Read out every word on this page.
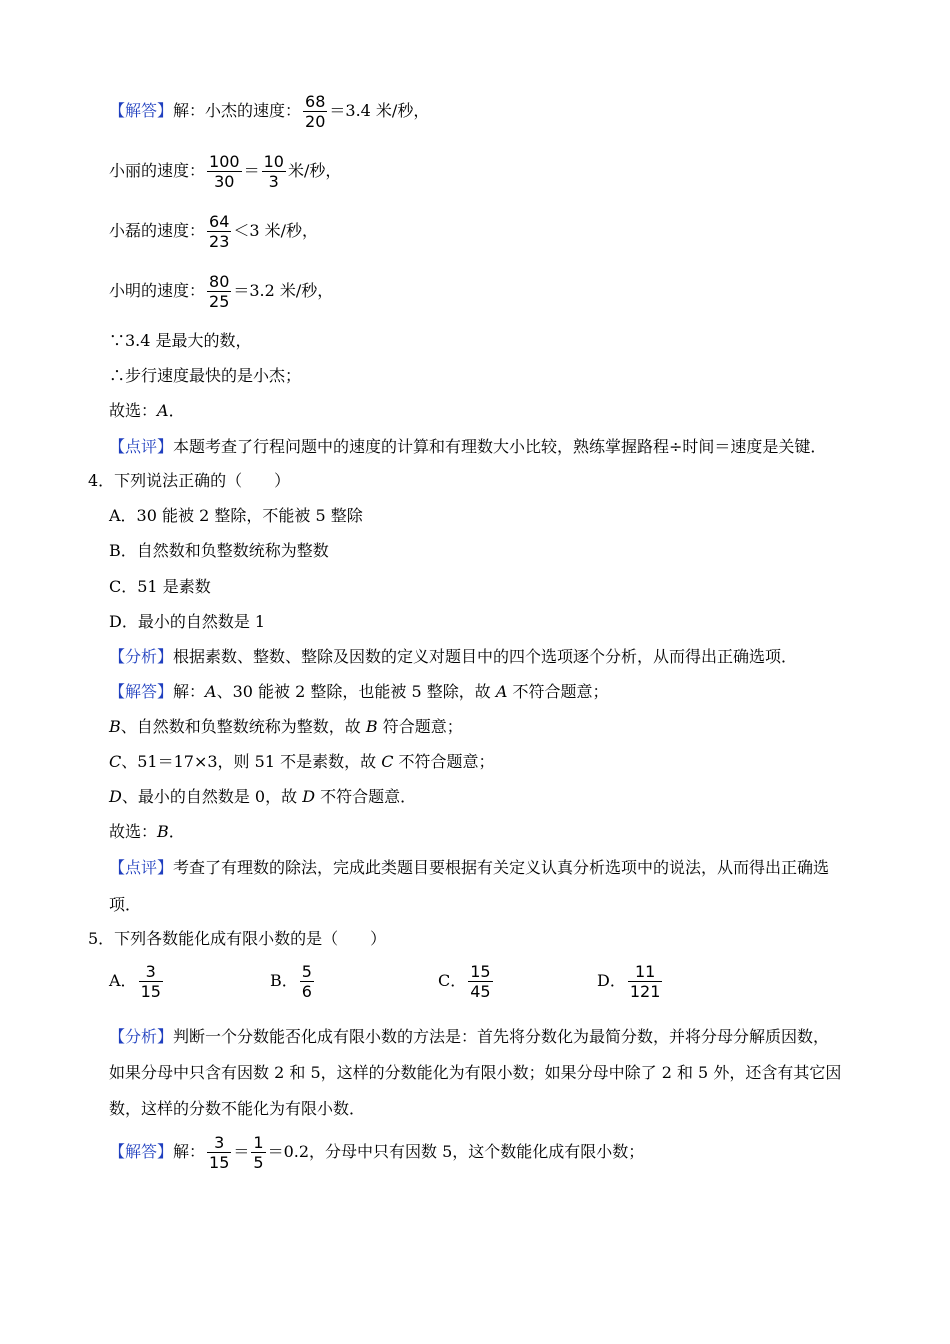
【解答】解：小杰的速度： $\frac{68}{20} =3.4$ 米/秒，
小丽的速度： $\frac{100}{30} = \frac{10}{3}$ 米/秒，
小磊的速度： $\frac{64}{23} <3$ 米/秒，
小明的速度： $\frac{80}{25} =3.2$ 米/秒，
∵3.4 是最大的数，
∴步行速度最快的是小杰；
故选：A．
【点评】本题考查了行程问题中的速度的计算和有理数大小比较，熟练掌握路程÷时间＝速度是关键．
4．下列说法正确的（　　）
A．30 能被 2 整除，不能被 5 整除
B．自然数和负整数统称为整数
C．51 是素数
D．最小的自然数是 1
【分析】根据素数、整数、整除及因数的定义对题目中的四个选项逐个分析，从而得出正确选项．
【解答】解：A、30 能被 2 整除，也能被 5 整除，故 A 不符合题意；
B、自然数和负整数统称为整数，故 B 符合题意；
C、51＝17×3，则 51 不是素数，故 C 不符合题意；
D、最小的自然数是 0，故 D 不符合题意．
故选：B．
【点评】考查了有理数的除法，完成此类题目要根据有关定义认真分析选项中的说法，从而得出正确选
项．
5．下列各数能化成有限小数的是（　　）
A． $\frac{3}{15}$	B． $\frac{5}{6}$	C． $\frac{15}{45}$	D． $\frac{11}{121}$
【分析】判断一个分数能否化成有限小数的方法是：首先将分数化为最简分数，并将分母分解质因数，
如果分母中只含有因数 2 和 5，这样的分数能化为有限小数；如果分母中除了 2 和 5 外，还含有其它因
数，这样的分数不能化为有限小数．
【解答】解： $\frac{3}{15} = \frac{1}{5} =0.2$，分母中只有因数 5，这个数能化成有限小数；
